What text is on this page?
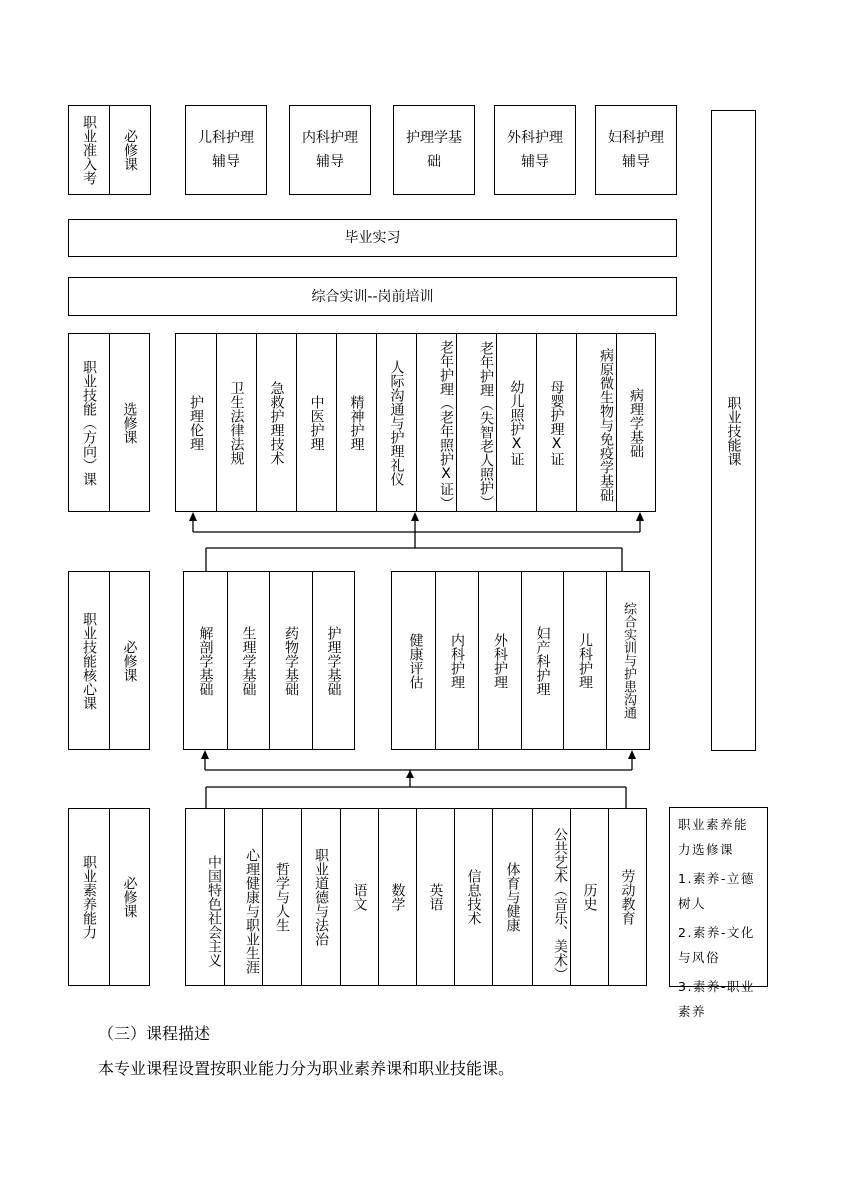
职业准入考	必修课	儿科护理辅导
内科护理辅导
护理学基础
外科护理辅导
妇科护理辅导
职业技能课
毕业实习
综合实训--岗前培训
职业技能（方向）课	选修课	护理伦理	卫生法律法规	急救护理技术	中医护理	精神护理	人际沟通与护理礼仪	老年护理（老年照护X证）	老年护理（失智老人照护）	幼儿照护X证	母婴护理X证	病原微生物与免疫学基础	病理学基础
职业技能核心课	必修课	解剖学基础	生理学基础	药物学基础	护理学基础	健康评估	内科护理	外科护理	妇产科护理	儿科护理	综合实训与护患沟通
职业素养能力	必修课	中国特色社会主义	心理健康与职业生涯	哲学与人生	职业道德与法治	语文	数学	英语	信息技术	体育与健康	公共艺术（音乐、美术） 历史	劳动教育
职业素养能力选修课
1.素养-立德树人
2.素养-文化与风俗
3.素养-职业素养
（三）课程描述
本专业课程设置按职业能力分为职业素养课和职业技能课。
